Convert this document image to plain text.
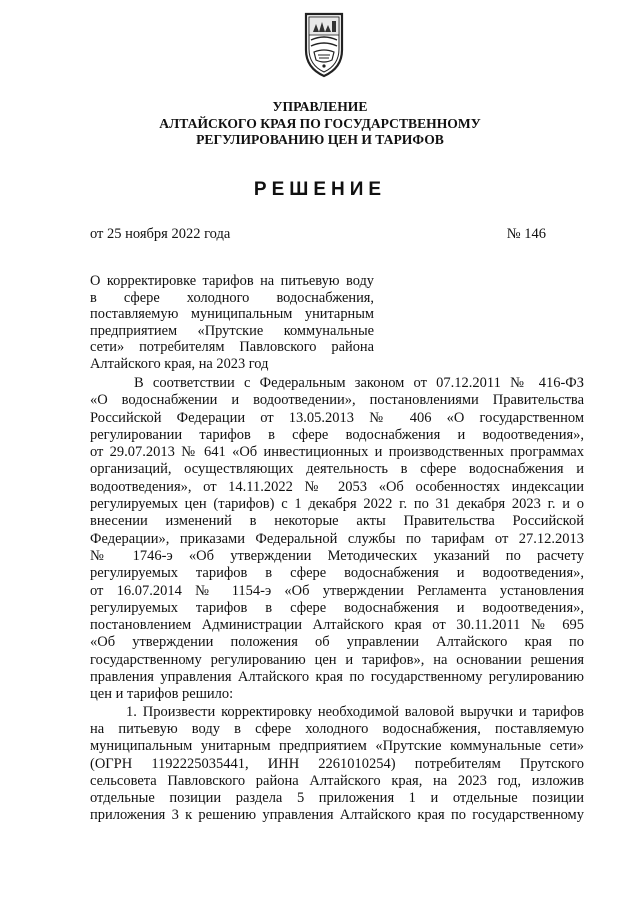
УПРАВЛЕНИЕ
АЛТАЙСКОГО КРАЯ ПО ГОСУДАРСТВЕННОМУ
РЕГУЛИРОВАНИЮ ЦЕН И ТАРИФОВ
РЕШЕНИЕ
от 25 ноября 2022 года	№ 146
О корректировке тарифов на питьевую воду
в сфере холодного водоснабжения,
поставляемую муниципальным унитарным
предприятием «Прутские коммунальные
сети» потребителям Павловского района
Алтайского края, на 2023 год
В соответствии с Федеральным законом от 07.12.2011 № 416-ФЗ
«О водоснабжении и водоотведении», постановлениями Правительства
Российской Федерации от 13.05.2013 № 406 «О государственном
регулировании тарифов в сфере водоснабжения и водоотведения»,
от 29.07.2013 № 641 «Об инвестиционных и производственных программах
организаций, осуществляющих деятельность в сфере водоснабжения и
водоотведения», от 14.11.2022 № 2053 «Об особенностях индексации
регулируемых цен (тарифов) с 1 декабря 2022 г. по 31 декабря 2023 г. и о
внесении изменений в некоторые акты Правительства Российской
Федерации», приказами Федеральной службы по тарифам от 27.12.2013
№ 1746-э «Об утверждении Методических указаний по расчету
регулируемых тарифов в сфере водоснабжения и водоотведения»,
от 16.07.2014 № 1154-э «Об утверждении Регламента установления
регулируемых тарифов в сфере водоснабжения и водоотведения»,
постановлением Администрации Алтайского края от 30.11.2011 № 695
«Об утверждении положения об управлении Алтайского края по
государственному регулированию цен и тарифов», на основании решения
правления управления Алтайского края по государственному регулированию
цен и тарифов решило:
1. Произвести корректировку необходимой валовой выручки и тарифов
на питьевую воду в сфере холодного водоснабжения, поставляемую
муниципальным унитарным предприятием «Прутские коммунальные сети»
(ОГРН 1192225035441, ИНН 2261010254) потребителям Прутского
сельсовета Павловского района Алтайского края, на 2023 год, изложив
отдельные позиции раздела 5 приложения 1 и отдельные позиции
приложения 3 к решению управления Алтайского края по государственному
